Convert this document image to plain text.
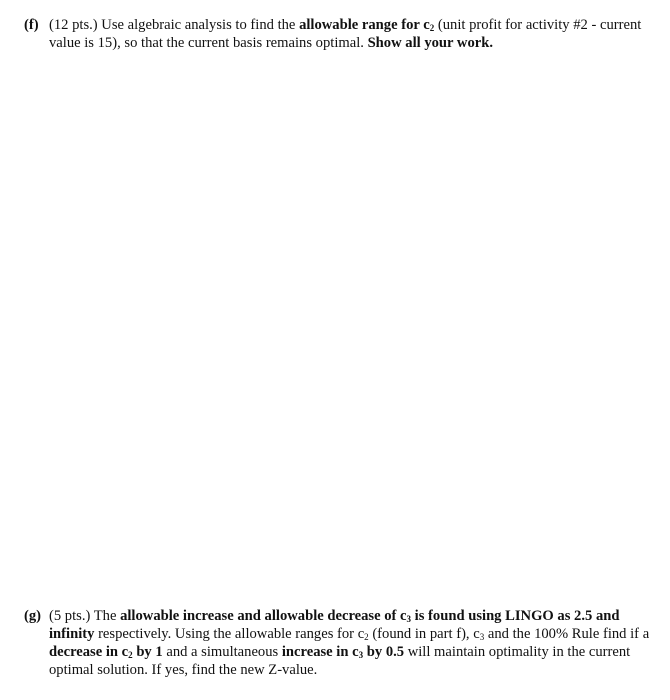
(f) (12 pts.) Use algebraic analysis to find the allowable range for $c_2$ (unit profit for activity #2 - current value is 15), so that the current basis remains optimal. Show all your work.
(g) (5 pts.) The allowable increase and allowable decrease of $c_3$ is found using LINGO as 2.5 and infinity respectively. Using the allowable ranges for $c_2$ (found in part f), $c_3$ and the 100% Rule find if a decrease in $c_2$ by 1 and a simultaneous increase in $c_3$ by 0.5 will maintain optimality in the current optimal solution. If yes, find the new Z-value.
